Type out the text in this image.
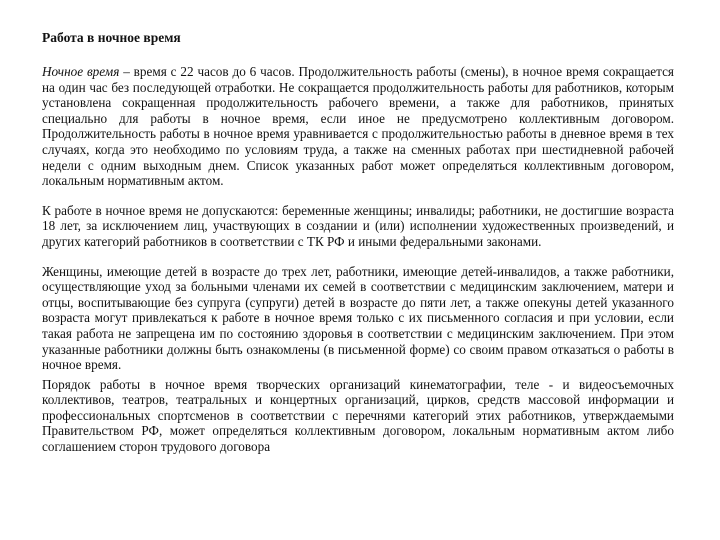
Работа в ночное время

Ночное время – время с 22 часов до 6 часов. Продолжительность работы (смены), в ночное время сокращается на один час без последующей отработки. Не сокращается продолжительность работы для работников, которым установлена сокращенная продолжительность рабочего времени, а также для работников, принятых специально для работы в ночное время, если иное не предусмотрено коллективным договором. Продолжительность работы в ночное время уравнивается с продолжительностью работы в дневное время в тех случаях, когда это необходимо по условиям труда, а также на сменных работах при шестидневной рабочей недели с одним выходным днем. Список указанных работ может определяться коллективным договором, локальным нормативным актом.

К работе в ночное время не допускаются: беременные женщины; инвалиды; работники, не достигшие возраста 18 лет, за исключением лиц, участвующих в создании и (или) исполнении художественных произведений, и других категорий работников в соответствии с ТК РФ и иными федеральными законами.

Женщины, имеющие детей в возрасте до трех лет, работники, имеющие детей-инвалидов, а также работники, осуществляющие уход за больными членами их семей в соответствии с медицинским заключением, матери и отцы, воспитывающие без супруга (супруги) детей в возрасте до пяти лет, а также опекуны детей указанного возраста могут привлекаться к работе в ночное время только с их письменного согласия и при условии, если такая работа не запрещена им по состоянию здоровья в соответствии с медицинским заключением. При этом указанные работники должны быть ознакомлены (в письменной форме) со своим правом отказаться о работы в ночное время.

Порядок работы в ночное время творческих организаций кинематографии, теле - и видеосъемочных коллективов, театров, театральных и концертных организаций, цирков, средств массовой информации и профессиональных спортсменов в соответствии с перечнями категорий этих работников, утверждаемыми Правительством РФ, может определяться коллективным договором, локальным нормативным актом либо соглашением сторон трудового договора
